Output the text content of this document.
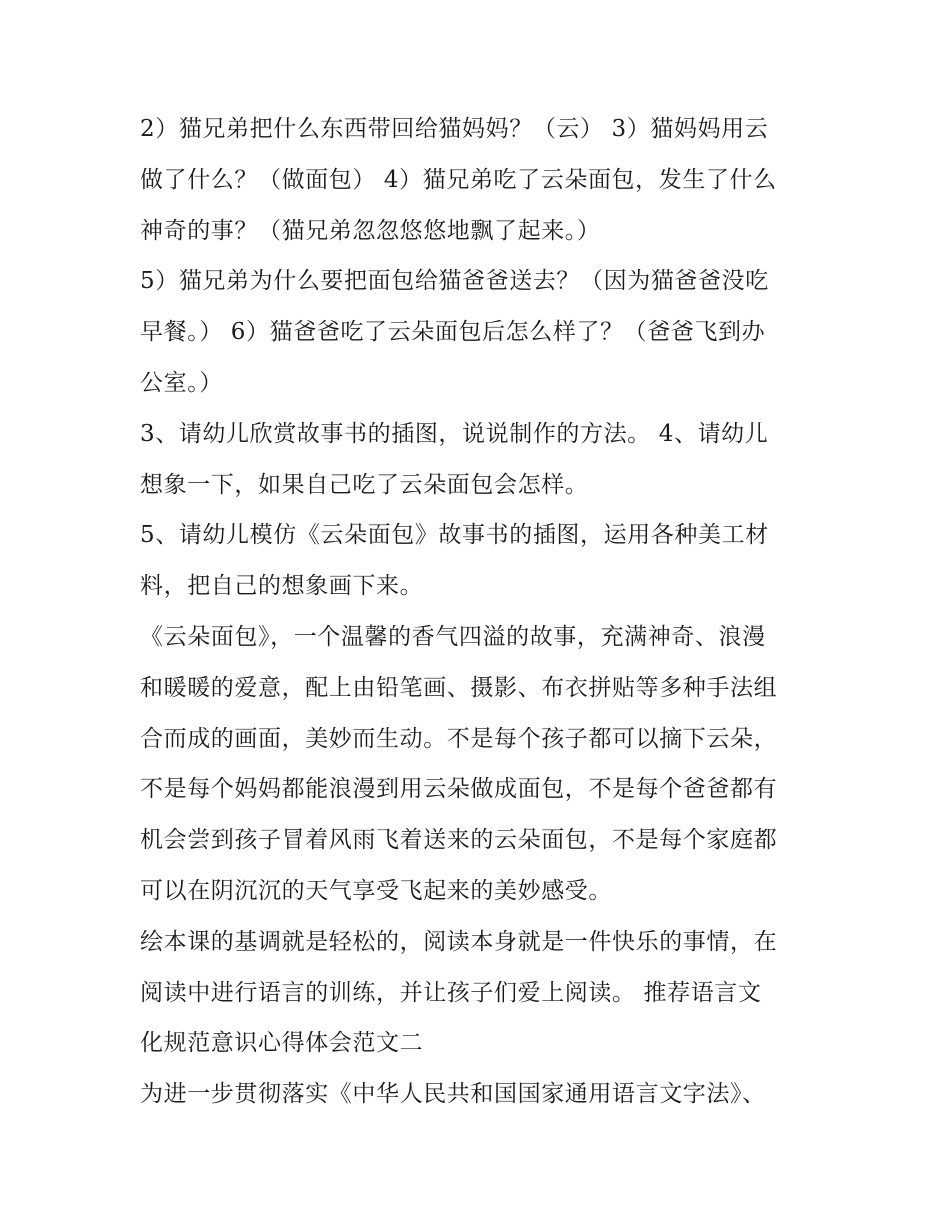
2）猫兄弟把什么东西带回给猫妈妈？（云） 3）猫妈妈用云
做了什么？（做面包） 4）猫兄弟吃了云朵面包，发生了什么
神奇的事？（猫兄弟忽忽悠悠地飘了起来。）
5）猫兄弟为什么要把面包给猫爸爸送去？（因为猫爸爸没吃
早餐。） 6）猫爸爸吃了云朵面包后怎么样了？（爸爸飞到办
公室。）
3、请幼儿欣赏故事书的插图，说说制作的方法。 4、请幼儿
想象一下，如果自己吃了云朵面包会怎样。
5、请幼儿模仿《云朵面包》故事书的插图，运用各种美工材
料，把自己的想象画下来。
《云朵面包》，一个温馨的香气四溢的故事，充满神奇、浪漫
和暖暖的爱意，配上由铅笔画、摄影、布衣拼贴等多种手法组
合而成的画面，美妙而生动。不是每个孩子都可以摘下云朵，
不是每个妈妈都能浪漫到用云朵做成面包，不是每个爸爸都有
机会尝到孩子冒着风雨飞着送来的云朵面包，不是每个家庭都
可以在阴沉沉的天气享受飞起来的美妙感受。
绘本课的基调就是轻松的，阅读本身就是一件快乐的事情，在
阅读中进行语言的训练，并让孩子们爱上阅读。 推荐语言文
化规范意识心得体会范文二
为进一步贯彻落实《中华人民共和国国家通用语言文字法》、
